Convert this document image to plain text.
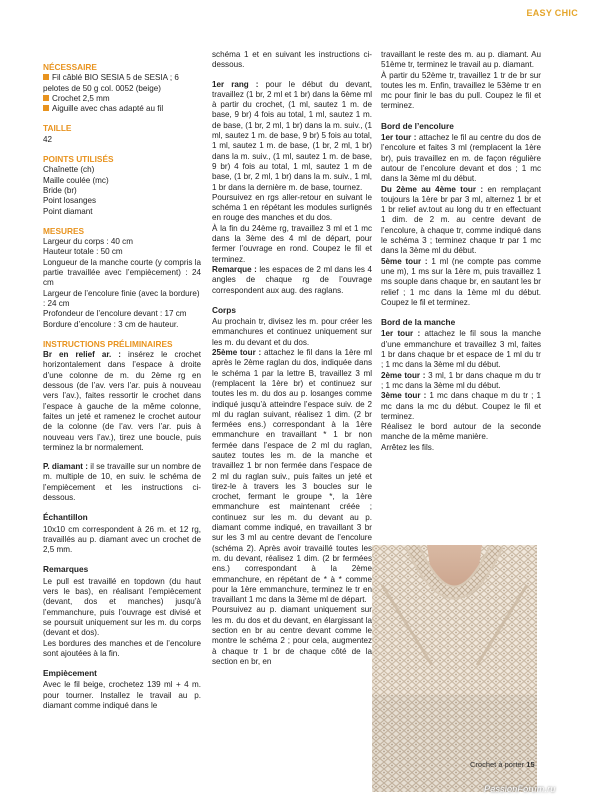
EASY CHIC
NÉCESSAIRE
Fil câblé BIO SESIA 5 de SESIA ; 6 pelotes de 50 g col. 0052 (beige)
Crochet 2,5 mm
Aiguille avec chas adapté au fil
TAILLE
42
POINTS UTILISÉS
Chaînette (ch)
Maille coulée (mc)
Bride (br)
Point losanges
Point diamant
MESURES
Largeur du corps : 40 cm
Hauteur totale : 50 cm
Longueur de la manche courte (y compris la partie travaillée avec l’empiècement) : 24 cm
Largeur de l’encolure finie (avec la bordure) : 24 cm
Profondeur de l’encolure devant : 17 cm
Bordure d’encolure : 3 cm de hauteur.
INSTRUCTIONS PRÉLIMINAIRES

Br en relief ar. : insérez le crochet horizontalement dans l’espace à droite d’une colonne de m. du 2ème rg en dessous (de l’av. vers l’ar. puis à nouveau vers l’av.), faites ressortir le crochet dans l’espace à gauche de la même colonne, faites un jeté et ramenez le crochet autour de la colonne (de l’av. vers l’ar. puis à nouveau vers l’av.), tirez une boucle, puis terminez la br normalement.

P. diamant : il se travaille sur un nombre de m. multiple de 10, en suiv. le schéma de l’empiècement et les instructions ci-dessous.

Échantillon

10x10 cm correspondent à 26 m. et 12 rg, travaillés au p. diamant avec un crochet de 2,5 mm.

Remarques

Le pull est travaillé en topdown (du haut vers le bas), en réalisant l’empiècement (devant, dos et manches) jusqu’à l’emmanchure, puis l’ouvrage est divisé et se poursuit uniquement sur les m. du corps (devant et dos).

Les bordures des manches et de l’encolure sont ajoutées à la fin.

Empiècement

Avec le fil beige, crochetez 139 ml + 4 m. pour tourner. Installez le travail au p. diamant comme indiqué dans le

schéma 1 et en suivant les instructions ci-dessous.

1er rang : pour le début du devant, travaillez (1 br, 2 ml et 1 br) dans la 6ème ml à partir du crochet, (1 ml, sautez 1 m. de base, 9 br) 4 fois au total, 1 ml, sautez 1 m. de base, (1 br, 2 ml, 1 br) dans la m. suiv., (1 ml, sautez 1 m. de base, 9 br) 5 fois au total, 1 ml, sautez 1 m. de base, (1 br, 2 ml, 1 br) dans la m. suiv., (1 ml, sautez 1 m. de base, 9 br) 4 fois au total, 1 ml, sautez 1 m de base, (1 br, 2 ml, 1 br) dans la m. suiv., 1 ml, 1 br dans la dernière m. de base, tournez.

Poursuivez en rgs aller-retour en suivant le schéma 1 en répétant les modules surlignés en rouge des manches et du dos.

À la fin du 24ème rg, travaillez 3 ml et 1 mc dans la 3ème des 4 ml de départ, pour fermer l’ouvrage en rond. Coupez le fil et terminez.

Remarque : les espaces de 2 ml dans les 4 angles de chaque rg de l’ouvrage correspondent aux aug. des raglans.

Corps

Au prochain tr, divisez les m. pour créer les emmanchures et continuez uniquement sur les m. du devant et du dos.

25ème tour : attachez le fil dans la 1ère ml après le 2ème raglan du dos, indiquée dans le schéma 1 par la lettre B, travaillez 3 ml (remplacent la 1ère br) et continuez sur toutes les m. du dos au p. losanges comme indiqué jusqu’à atteindre l’espace suiv. de 2 ml du raglan suivant, réalisez 1 dim. (2 br fermées ens.) correspondant à la 1ère emmanchure en travaillant * 1 br non fermée dans l’espace de 2 ml du raglan, sautez toutes les m. de la manche et travaillez 1 br non fermée dans l’espace de 2 ml du raglan suiv., puis faites un jeté et tirez-le à travers les 3 boucles sur le crochet, fermant le groupe *, la 1ère emmanchure est maintenant créée ; continuez sur les m. du devant au p. diamant comme indiqué, en travaillant 3 br sur les 3 ml au centre devant de l’encolure (schéma 2). Après avoir travaillé toutes les m. du devant, réalisez 1 dim. (2 br fermées ens.) correspondant à la 2ème emmanchure, en répétant de * à * comme pour la 1ère emmanchure, terminez le tr en travaillant 1 mc dans la 3ème ml de départ.

Poursuivez au p. diamant uniquement sur les m. du dos et du devant, en élargissant la section en br au centre devant comme le montre le schéma 2 ; pour cela, augmentez à chaque tr 1 br de chaque côté de la section en br, en

travaillant le reste des m. au p. diamant. Au 51ème tr, terminez le travail au p. diamant.

À partir du 52ème tr, travaillez 1 tr de br sur toutes les m. Enfin, travaillez le 53ème tr en mc pour finir le bas du pull. Coupez le fil et terminez.

Bord de l’encolure

1er tour : attachez le fil au centre du dos de l’encolure et faites 3 ml (remplacent la 1ère br), puis travaillez en m. de façon régulière autour de l’encolure devant et dos ; 1 mc dans la 3ème ml du début.

Du 2ème au 4ème tour : en remplaçant toujours la 1ère br par 3 ml, alternez 1 br et 1 br relief av.tout au long du tr en effectuant 1 dim. de 2 m. au centre devant de l’encolure, à chaque tr, comme indiqué dans le schéma 3 ; terminez chaque tr par 1 mc dans la 3ème ml du début.

5ème tour : 1 ml (ne compte pas comme une m), 1 ms sur la 1ère m, puis travaillez 1 ms souple dans chaque br, en sautant les br relief ; 1 mc dans la 1ème ml du début. Coupez le fil et terminez.

Bord de la manche

1er tour : attachez le fil sous la manche d’une emmanchure et travaillez 3 ml, faites 1 br dans chaque br et espace de 1 ml du tr ; 1 mc dans la 3ème ml du début.

2ème tour : 3 ml, 1 br dans chaque m du tr ; 1 mc dans la 3ème ml du début.

3ème tour : 1 mc dans chaque m du tr ; 1 mc dans la mc du début. Coupez le fil et terminez.

Réalisez le bord autour de la seconde manche de la même manière.

Arrêtez les fils.

Crochet à porter 15
PassionForum.ru
